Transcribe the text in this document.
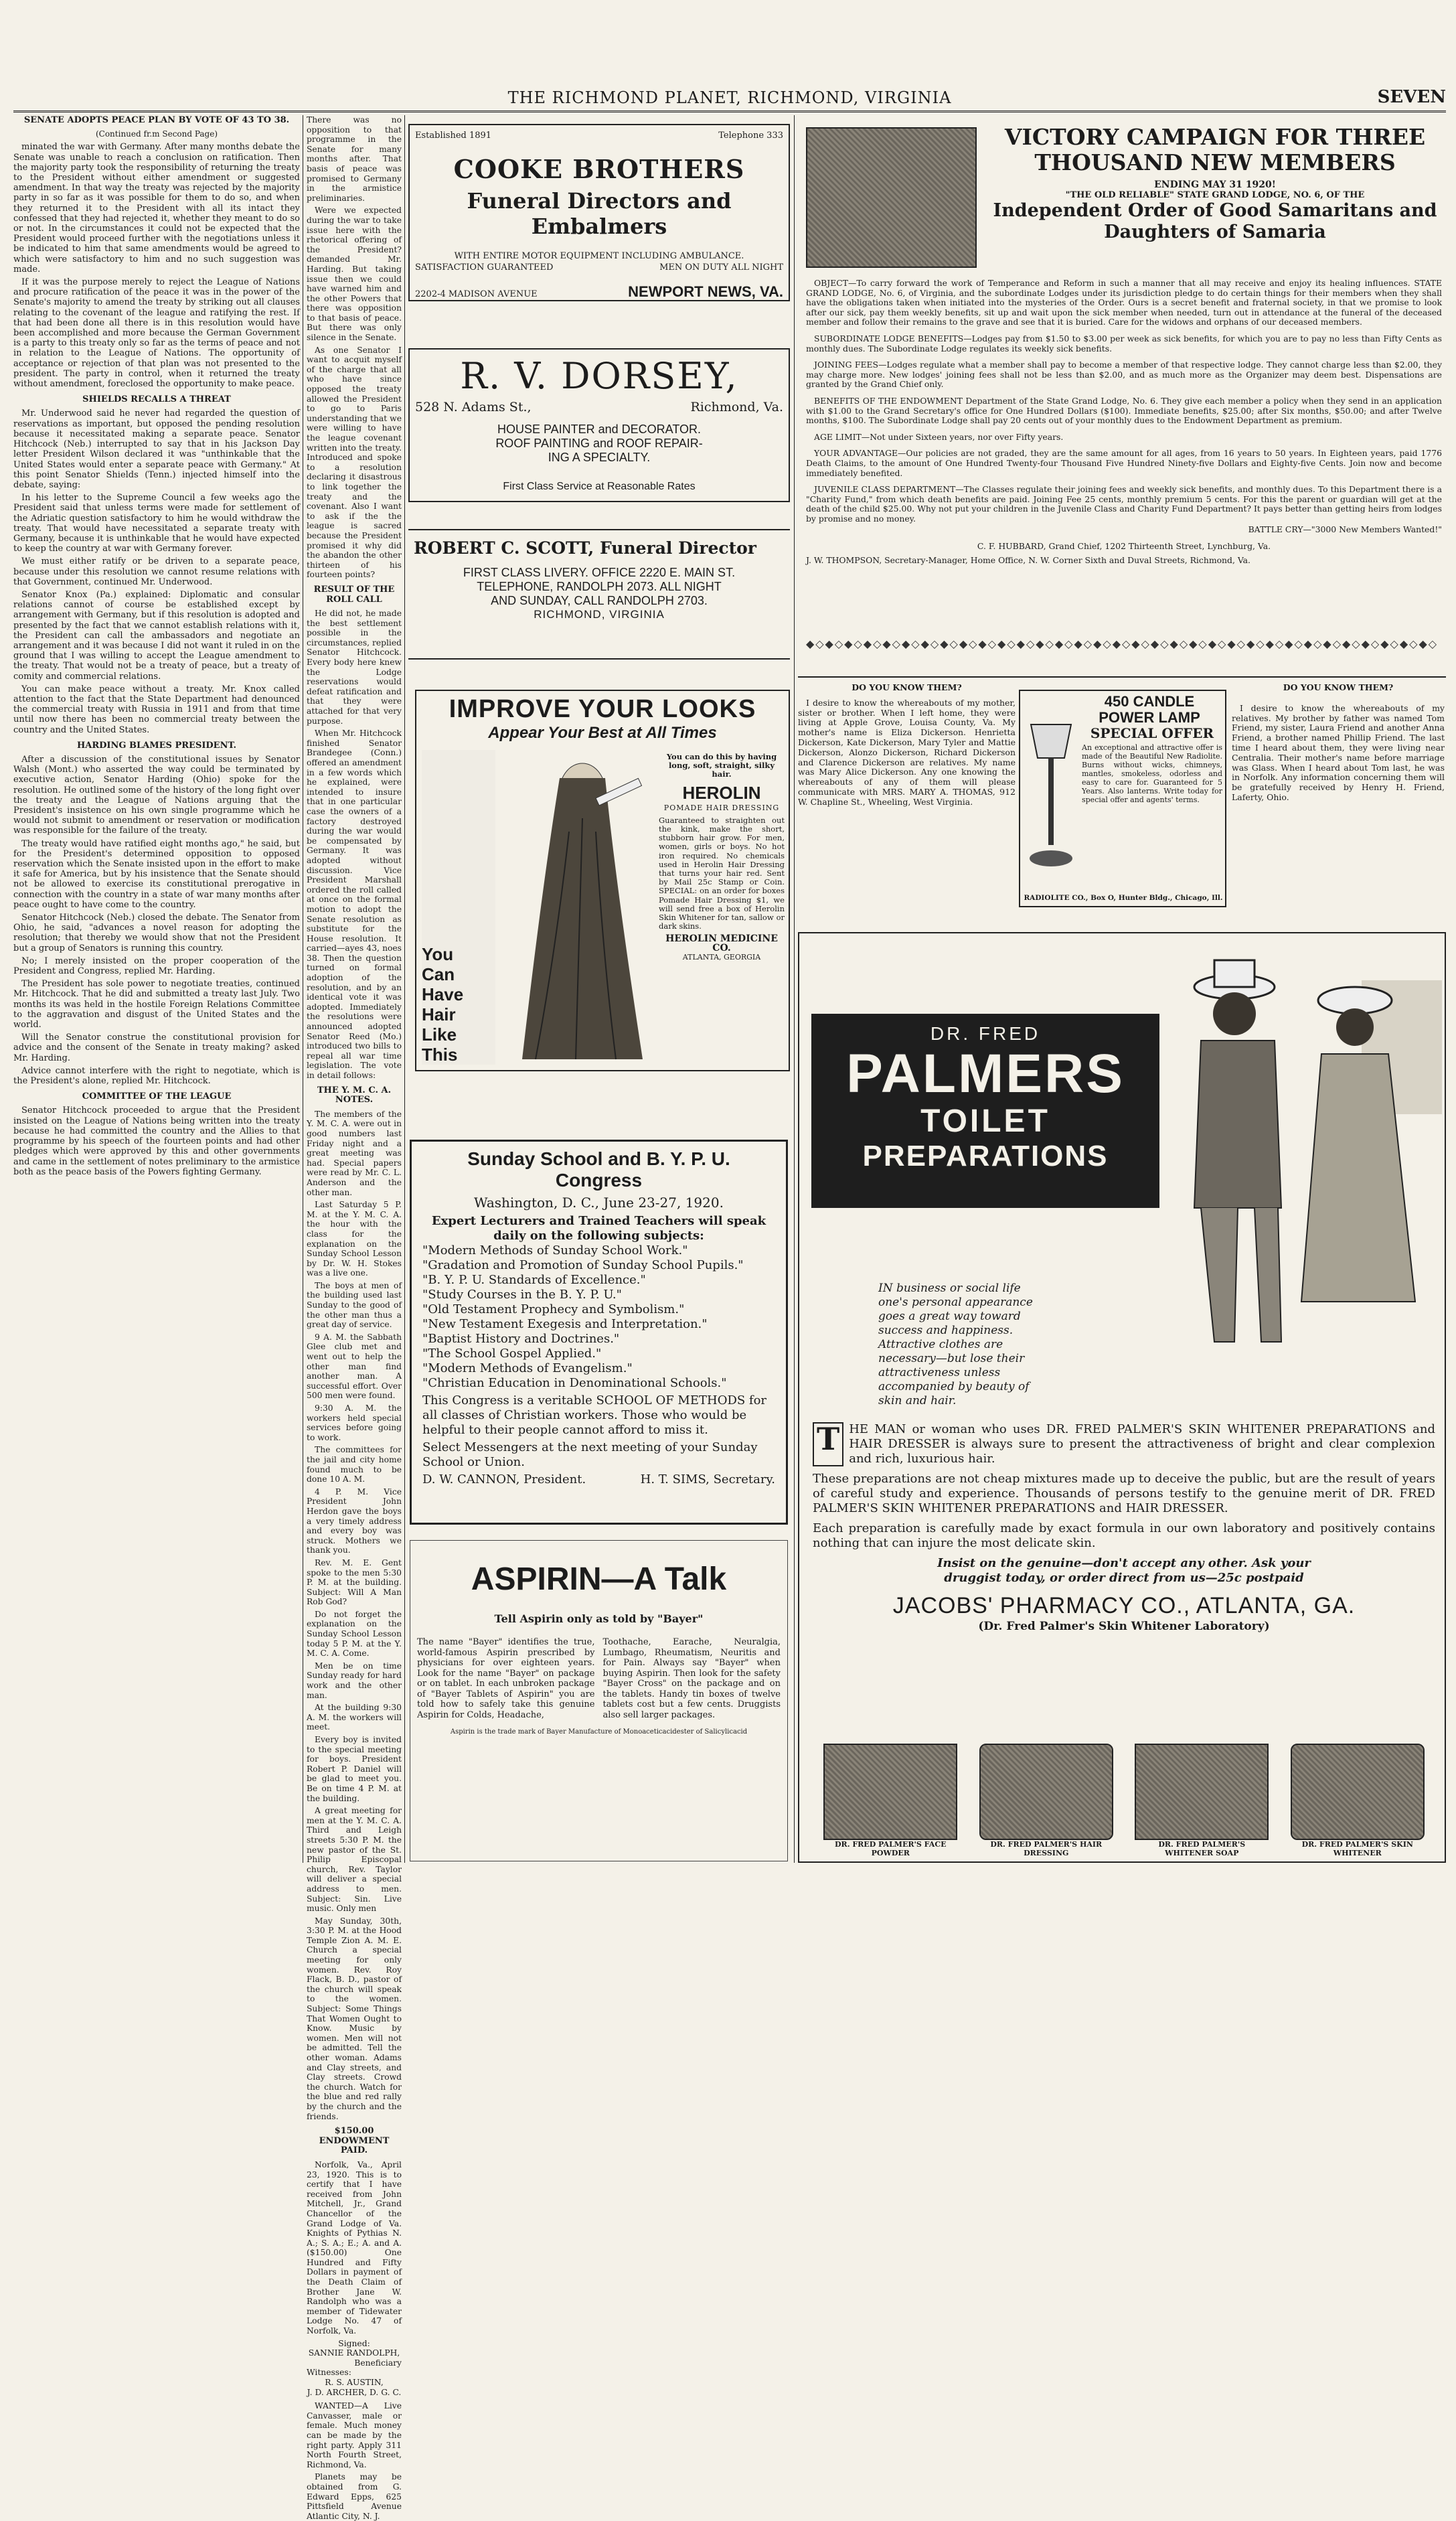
THE RICHMOND PLANET, RICHMOND, VIRGINIA	SEVEN
SENATE ADOPTS PEACE PLAN BY VOTE OF 43 TO 38.
(Continued fr.m Second Page)

minated the war with Germany. After many months debate the Senate was unable to reach a conclusion on ratification. Then the majority party took the responsibility of returning the treaty to the President without either amendment or suggested amendment. In that way the treaty was rejected by the majority party in so far as it was possible for them to do so, and when they returned it to the President with all its intact they confessed that they had rejected it, whether they meant to do so or not. In the circumstances it could not be expected that the President would proceed further with the negotiations unless it be indicated to him that same amendments would be agreed to which were satisfactory to him and no such suggestion was made.

If it was the purpose merely to reject the League of Nations and procure ratification of the peace it was in the power of the Senate's majority to amend the treaty by striking out all clauses relating to the covenant of the league and ratifying the rest. If that had been done all there is in this resolution would have been accomplished and more because the German Government is a party to this treaty only so far as the terms of peace and not in relation to the League of Nations. The opportunity of acceptance or rejection of that plan was not presented to the president. The party in control, when it returned the treaty without amendment, foreclosed the opportunity to make peace.

SHIELDS RECALLS A THREAT

Mr. Underwood said he never had regarded the question of reservations as important, but opposed the pending resolution because it necessitated making a separate peace. Senator Hitchcock (Neb.) interrupted to say that in his Jackson Day letter President Wilson declared it was "unthinkable that the United States would enter a separate peace with Germany." At this point Senator Shields (Tenn.) injected himself into the debate, saying:

In his letter to the Supreme Council a few weeks ago the President said that unless terms were made for settlement of the Adriatic question satisfactory to him he would withdraw the treaty. That would have necessitated a separate treaty with Germany, because it is unthinkable that he would have expected to keep the country at war with Germany forever.

We must either ratify or be driven to a separate peace, because under this resolution we cannot resume relations with that Government, continued Mr. Underwood.

Senator Knox (Pa.) explained: Diplomatic and consular relations cannot of course be established except by arrangement with Germany, but if this resolution is adopted and presented by the fact that we cannot establish relations with it, the President can call the ambassadors and negotiate an arrangement and it was because I did not want it ruled in on the ground that I was willing to accept the League amendment to the treaty. That would not be a treaty of peace, but a treaty of comity and commercial relations.

You can make peace without a treaty. Mr. Knox called attention to the fact that the State Department had denounced the commercial treaty with Russia in 1911 and from that time until now there has been no commercial treaty between the country and the United States.

HARDING BLAMES PRESIDENT.

After a discussion of the constitutional issues by Senator Walsh (Mont.) who asserted the way could be terminated by executive action, Senator Harding (Ohio) spoke for the resolution. He outlined some of the history of the long fight over the treaty and the League of Nations arguing that the President's insistence on his own single programme which he would not submit to amendment or reservation or modification was responsible for the failure of the treaty.

The treaty would have ratified eight months ago," he said, but for the President's determined opposition to opposed reservation which the Senate insisted upon in the effort to make it safe for America, but by his insistence that the Senate should not be allowed to exercise its constitutional prerogative in connection with the country in a state of war many months after peace ought to have come to the country.

Senator Hitchcock (Neb.) closed the debate. The Senator from Ohio, he said, "advances a novel reason for adopting the resolution; that thereby we would show that not the President but a group of Senators is running this country.

No; I merely insisted on the proper cooperation of the President and Congress, replied Mr. Harding.

The President has sole power to negotiate treaties, continued Mr. Hitchcock. That he did and submitted a treaty last July. Two months its was held in the hostile Foreign Relations Committee to the aggravation and disgust of the United States and the world.

Will the Senator construe the constitutional provision for advice and the consent of the Senate in treaty making? asked Mr. Harding.

Advice cannot interfere with the right to negotiate, which is the President's alone, replied Mr. Hitchcock.

COMMITTEE OF THE LEAGUE

Senator Hitchcock proceeded to argue that the President insisted on the League of Nations being written into the treaty because he had committed the country and the Allies to that programme by his speech of the fourteen points and had other pledges which were approved by this and other governments and came in the settlement of notes preliminary to the armistice both as the peace basis of the Powers fighting Germany.

There was no opposition to that programme in the Senate for many months after. That basis of peace was promised to Germany in the armistice preliminaries.

Were we expected during the war to take issue here with the rhetorical offering of the President? demanded Mr. Harding. But taking issue then we could have warned him and the other Powers that there was opposition to that basis of peace. But there was only silence in the Senate.

As one Senator I want to acquit myself of the charge that all who have since opposed the treaty allowed the President to go to Paris understanding that we were willing to have the league covenant written into the treaty. Introduced and spoke to a resolution declaring it disastrous to link together the treaty and the covenant. Also I want to ask if the the league is sacred because the President promised it why did the abandon the other thirteen of his fourteen points?

RESULT OF THE ROLL CALL

He did not, he made the best settlement possible in the circumstances, replied Senator Hitchcock. Every body here knew the Lodge reservations would defeat ratification and that they were attached for that very purpose.

When Mr. Hitchcock finished Senator Brandegee (Conn.) offered an amendment in a few words which he explained, were intended to insure that in one particular case the owners of a factory destroyed during the war would be compensated by Germany. It was adopted without discussion. Vice President Marshall ordered the roll called at once on the formal motion to adopt the Senate resolution as substitute for the House resolution. It carried—ayes 43, noes 38. Then the question turned on formal adoption of the resolution, and by an identical vote it was adopted. Immediately the resolutions were announced adopted Senator Reed (Mo.) introduced two bills to repeal all war time legislation. The vote in detail follows:

THE Y. M. C. A. NOTES.

The members of the Y. M. C. A. were out in good numbers last Friday night and a great meeting was had. Special papers were read by Mr. C. L. Anderson and the other man.

Last Saturday 5 P. M. at the Y. M. C. A. the hour with the class for the explanation on the Sunday School Lesson by Dr. W. H. Stokes was a live one.

The boys at men of the building used last Sunday to the good of the other man thus a great day of service.

9 A. M. the Sabbath Glee club met and went out to help the other man find another man. A successful effort. Over 500 men were found.

9:30 A. M. the workers held special services before going to work.

The committees for the jail and city home found much to be done 10 A. M.

4 P. M. Vice President John Herdon gave the boys a very timely address and every boy was struck. Mothers we thank you.

Rev. M. E. Gent spoke to the men 5:30 P. M. at the building. Subject: Will A Man Rob God?

Do not forget the explanation on the Sunday School Lesson today 5 P. M. at the Y. M. C. A. Come.

Men be on time Sunday ready for hard work and the other man.

At the building 9:30 A. M. the workers will meet.

Every boy is invited to the special meeting for boys. President Robert P. Daniel will be glad to meet you. Be on time 4 P. M. at the building.

A great meeting for men at the Y. M. C. A. Third and Leigh streets 5:30 P. M. the new pastor of the St. Philip Episcopal church, Rev. Taylor will deliver a special address to men. Subject: Sin. Live music. Only men

May Sunday, 30th, 3:30 P. M. at the Hood Temple Zion A. M. E. Church a special meeting for only women. Rev. Roy Flack, B. D., pastor of the church will speak to the women. Subject: Some Things That Women Ought to Know. Music by women. Men will not be admitted. Tell the other woman. Adams and Clay streets, and Clay streets. Crowd the church. Watch for the blue and red rally by the church and the friends.

$150.00 ENDOWMENT PAID.

Norfolk, Va., April 23, 1920. This is to certify that I have received from John Mitchell, Jr., Grand Chancellor of the Grand Lodge of Va. Knights of Pythias N. A.; S. A.; E.; A. and A. ($150.00) One Hundred and Fifty Dollars in payment of the Death Claim of Brother Jane W. Randolph who was a member of Tidewater Lodge No. 47 of Norfolk, Va.

Signed:
SANNIE RANDOLPH,
Beneficiary
Witnesses:
R. S. AUSTIN,
J. D. ARCHER, D. G. C.

WANTED—A Live Canvasser, male or female. Much money can be made by the right party. Apply 311 North Fourth Street, Richmond, Va.

Planets may be obtained from G. Edward Epps, 625 Pittsfield Avenue Atlantic City, N. J.

Established 1891	Telephone 333
COOKE BROTHERS
Funeral Directors and Embalmers
WITH ENTIRE MOTOR EQUIPMENT INCLUDING AMBULANCE.
SATISFACTION GUARANTEED	MEN ON DUTY ALL NIGHT
2202-4 MADISON AVENUE	NEWPORT NEWS, VA.
R. V. DORSEY,
528 N. Adams St.,	Richmond, Va.
HOUSE PAINTER and DECORATOR.
ROOF PAINTING and ROOF REPAIR-
ING A SPECIALTY.
First Class Service at Reasonable Rates
ROBERT C. SCOTT, Funeral Director
FIRST CLASS LIVERY. OFFICE 2220 E. MAIN ST.
TELEPHONE, RANDOLPH 2073. ALL NIGHT
AND SUNDAY, CALL RANDOLPH 2703.
RICHMOND, VIRGINIA
IMPROVE YOUR LOOKS
Appear Your Best at All Times
You
Can
Have
Hair
Like
This
You can do this by having long, soft, straight, silky hair.
HEROLIN
POMADE HAIR DRESSING
Guaranteed to straighten out the kink, make the short, stubborn hair grow. For men, women, girls or boys. No hot iron required. No chemicals used in Herolin Hair Dressing that turns your hair red. Sent by Mail 25c Stamp or Coin. SPECIAL: on an order for boxes Pomade Hair Dressing $1, we will send free a box of Herolin Skin Whitener for tan, sallow or dark skins.
HEROLIN MEDICINE CO.
ATLANTA, GEORGIA
Sunday School and B. Y. P. U. Congress
Washington, D. C., June 23-27, 1920.
Expert Lecturers and Trained Teachers will speak daily on the following subjects:
"Modern Methods of Sunday School Work."
"Gradation and Promotion of Sunday School Pupils."
"B. Y. P. U. Standards of Excellence."
"Study Courses in the B. Y. P. U."
"Old Testament Prophecy and Symbolism."
"New Testament Exegesis and Interpretation."
"Baptist History and Doctrines."
"The School Gospel Applied."
"Modern Methods of Evangelism."
"Christian Education in Denominational Schools."
This Congress is a veritable SCHOOL OF METHODS for all classes of Christian workers. Those who would be helpful to their people cannot afford to miss it.
Select Messengers at the next meeting of your Sunday School or Union.
D. W. CANNON, President.	H. T. SIMS, Secretary.
ASPIRIN—A Talk
Tell Aspirin only as told by "Bayer"
The name "Bayer" identifies the true, world-famous Aspirin prescribed by physicians for over eighteen years. Look for the name "Bayer" on package or on tablet. In each unbroken package of "Bayer Tablets of Aspirin" you are told how to safely take this genuine Aspirin for Colds, Headache,
Toothache, Earache, Neuralgia, Lumbago, Rheumatism, Neuritis and for Pain. Always say "Bayer" when buying Aspirin. Then look for the safety "Bayer Cross" on the package and on the tablets. Handy tin boxes of twelve tablets cost but a few cents. Druggists also sell larger packages.
Aspirin is the trade mark of Bayer Manufacture of Monoaceticacidester of Salicylicacid
VICTORY CAMPAIGN FOR THREE
THOUSAND NEW MEMBERS
ENDING MAY 31 1920!
"THE OLD RELIABLE" STATE GRAND LODGE, NO. 6, OF THE
Independent Order of Good Samaritans and
Daughters of Samaria

OBJECT—To carry forward the work of Temperance and Reform in such a manner that all may receive and enjoy its healing influences. STATE GRAND LODGE, No. 6, of Virginia, and the subordinate Lodges under its jurisdiction pledge to do certain things for their members when they shall have the obligations taken when initiated into the mysteries of the Order. Ours is a secret benefit and fraternal society, in that we promise to look after our sick, pay them weekly benefits, sit up and wait upon the sick member when needed, turn out in attendance at the funeral of the deceased member and follow their remains to the grave and see that it is buried. Care for the widows and orphans of our deceased members.

SUBORDINATE LODGE BENEFITS—Lodges pay from $1.50 to $3.00 per week as sick benefits, for which you are to pay no less than Fifty Cents as monthly dues. The Subordinate Lodge regulates its weekly sick benefits.

JOINING FEES—Lodges regulate what a member shall pay to become a member of that respective lodge. They cannot charge less than $2.00, they may charge more. New lodges' joining fees shall not be less than $2.00, and as much more as the Organizer may deem best. Dispensations are granted by the Grand Chief only.

BENEFITS OF THE ENDOWMENT Department of the State Grand Lodge, No. 6. They give each member a policy when they send in an application with $1.00 to the Grand Secretary's office for One Hundred Dollars ($100). Immediate benefits, $25.00; after Six months, $50.00; and after Twelve months, $100. The Subordinate Lodge shall pay 20 cents out of your monthly dues to the Endowment Department as premium.

AGE LIMIT—Not under Sixteen years, nor over Fifty years.

YOUR ADVANTAGE—Our policies are not graded, they are the same amount for all ages, from 16 years to 50 years. In Eighteen years, paid 1776 Death Claims, to the amount of One Hundred Twenty-four Thousand Five Hundred Ninety-five Dollars and Eighty-five Cents. Join now and become immediately benefited.

JUVENILE CLASS DEPARTMENT—The Classes regulate their joining fees and weekly sick benefits, and monthly dues. To this Department there is a "Charity Fund," from which death benefits are paid. Joining Fee 25 cents, monthly premium 5 cents. For this the parent or guardian will get at the death of the child $25.00. Why not put your children in the Juvenile Class and Charity Fund Department? It pays better than getting heirs from lodges by promise and no money.

BATTLE CRY—"3000 New Members Wanted!"
C. F. HUBBARD, Grand Chief, 1202 Thirteenth Street, Lynchburg, Va.
J. W. THOMPSON, Secretary-Manager, Home Office, N. W. Corner Sixth and Duval Streets, Richmond, Va.
◆◇◆◇◆◇◆◇◆◇◆◇◆◇◆◇◆◇◆◇◆◇◆◇◆◇◆◇◆◇◆◇◆◇◆◇◆◇◆◇◆◇◆◇◆◇◆◇◆◇◆◇◆◇◆◇◆◇◆◇◆◇◆◇◆◇
DO YOU KNOW THEM?

I desire to know the whereabouts of my mother, sister or brother. When I left home, they were living at Apple Grove, Louisa County, Va. My mother's name is Eliza Dickerson. Henrietta Dickerson, Kate Dickerson, Mary Tyler and Mattie Dickerson, Alonzo Dickerson, Richard Dickerson and Clarence Dickerson are relatives. My name was Mary Alice Dickerson. Any one knowing the whereabouts of any of them will please communicate with MRS. MARY A. THOMAS, 912 W. Chapline St., Wheeling, West Virginia.

450 CANDLE POWER LAMP
SPECIAL OFFER
An exceptional and attractive offer is made of the Beautiful New Radiolite. Burns without wicks, chimneys, mantles, smokeless, odorless and easy to care for. Guaranteed for 5 Years. Also lanterns. Write today for special offer and agents' terms.
RADIOLITE CO., Box O, Hunter Bldg., Chicago, Ill.
DO YOU KNOW THEM?

I desire to know the whereabouts of my relatives. My brother by father was named Tom Friend, my sister, Laura Friend and another Anna Friend, a brother named Phillip Friend. The last time I heard about them, they were living near Centralia. Their mother's name before marriage was Glass. When I heard about Tom last, he was in Norfolk. Any information concerning them will be gratefully received by Henry H. Friend, Laferty, Ohio.

DR. FRED
PALMERS
TOILET
PREPARATIONS
IN business or social life one's personal appearance goes a great way toward success and happiness. Attractive clothes are necessary—but lose their attractiveness unless accompanied by beauty of skin and hair.
T HE MAN or woman who uses DR. FRED PALMER'S SKIN WHITENER PREPARATIONS and HAIR DRESSER is always sure to present the attractiveness of bright and clear complexion and rich, luxurious hair.

These preparations are not cheap mixtures made up to deceive the public, but are the result of years of careful study and experience. Thousands of persons testify to the genuine merit of DR. FRED PALMER'S SKIN WHITENER PREPARATIONS and HAIR DRESSER.

Each preparation is carefully made by exact formula in our own laboratory and positively contains nothing that can injure the most delicate skin.

Insist on the genuine—don't accept any other. Ask your
druggist today, or order direct from us—25c postpaid
JACOBS' PHARMACY CO., ATLANTA, GA.
(Dr. Fred Palmer's Skin Whitener Laboratory)
DR. FRED PALMER'S FACE POWDER
DR. FRED PALMER'S HAIR DRESSING
DR. FRED PALMER'S WHITENER SOAP
DR. FRED PALMER'S SKIN WHITENER
